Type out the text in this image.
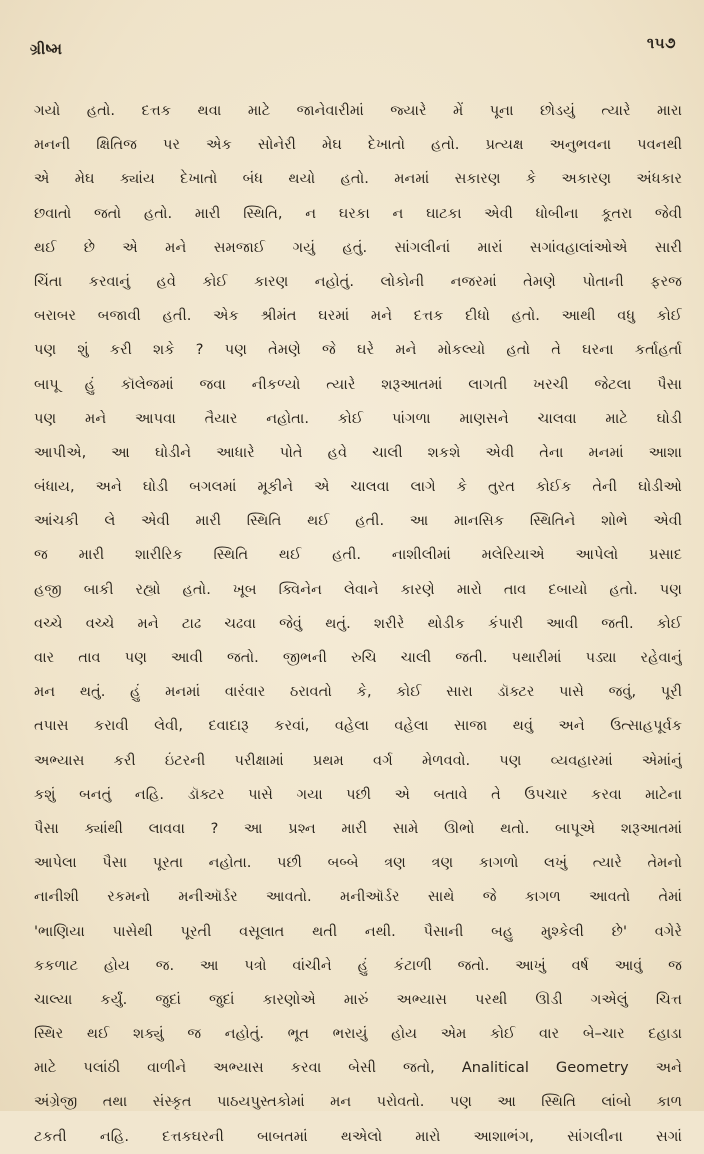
ગ્રીષ્મ	૧૫૭
ગયો હતો. દત્તક થવા માટે જાનેવારીમાં જ્યારે મેં પૂના છોડયું ત્યારે મારા
મનની ક્ષિતિજ પર એક સોનેરી મેઘ દેખાતો હતો. પ્રત્યક્ષ અનુભવના પવનથી
એ મેઘ ક્યાંય દેખાતો બંધ થયો હતો. મનમાં સકારણ કે અકારણ અંધકાર
છવાતો જતો હતો. મારી સ્થિતિ, ન ઘરકા ન ઘાટકા એવી ધોબીના કૂતરા જેવી
થઈ છે એ મને સમજાઈ ગયું હતું. સાંગલીનાં મારાં સગાંવહાલાંઓએ સારી
ચિંતા કરવાનું હવે કોઈ કારણ નહોતું. લોકોની નજરમાં તેમણે પોતાની ફરજ
બરાબર બજાવી હતી. એક શ્રીમંત ઘરમાં મને દત્તક દીધો હતો. આથી વધુ કોઈ
પણ શું કરી શકે ? પણ તેમણે જે ઘરે મને મોકલ્યો હતો તે ઘરના કર્તાહર્તા
બાપૂ હું કૉલેજમાં જવા નીકળ્યો ત્યારે શરૂઆતમાં લાગતી ખરચી જેટલા પૈસા
પણ મને આપવા તૈયાર નહોતા. કોઈ પાંગળા માણસને ચાલવા માટે ઘોડી
આપીએ, આ ઘોડીને આધારે પોતે હવે ચાલી શકશે એવી તેના મનમાં આશા
બંધાય, અને ઘોડી બગલમાં મૂકીને એ ચાલવા લાગે કે તુરત કોઈક તેની ઘોડીઓ
આંચકી લે એવી મારી સ્થિતિ થઈ હતી. આ માનસિક સ્થિતિને શોભે એવી
જ મારી શારીરિક સ્થિતિ થઈ હતી. નાશીલીમાં મલેરિયાએ આપેલો પ્રસાદ
હજી બાકી રહ્યો હતો. ખૂબ ક્વિનેન લેવાને કારણે મારો તાવ દબાયો હતો. પણ
વચ્ચે વચ્ચે મને ટાઢ ચઢવા જેવું થતું. શરીરે થોડીક કંપારી આવી જતી. કોઈ
વાર તાવ પણ આવી જતો. જીભની રુચિ ચાલી જતી. પથારીમાં પડ્યા રહેવાનું
મન થતું. હું મનમાં વારંવાર ઠરાવતો કે, કોઈ સારા ડૉક્ટર પાસે જવું, પૂરી
તપાસ કરાવી લેવી, દવાદારૂ કરવાં, વહેલા વહેલા સાજા થવું અને ઉત્સાહપૂર્વક
અભ્યાસ કરી ઇંટરની પરીક્ષામાં પ્રથમ વર્ગ મેળવવો. પણ વ્યવહારમાં એમાંનું
કશું બનતું નહિ. ડૉક્ટર પાસે ગયા પછી એ બતાવે તે ઉપચાર કરવા માટેના
પૈસા ક્યાંથી લાવવા ? આ પ્રશ્ન મારી સામે ઊભો થતો. બાપૂએ શરૂઆતમાં
આપેલા પૈસા પૂરતા નહોતા. પછી બબ્બે ત્રણ ત્રણ કાગળો લખું ત્યારે તેમનો
નાનીશી રકમનો મનીઑર્ડર આવતો. મનીઑર્ડર સાથે જે કાગળ આવતો તેમાં
'ભાણિયા પાસેથી પૂરતી વસૂલાત થતી નથી. પૈસાની બહુ મુશ્કેલી છે' વગેરે
કકળાટ હોય જ. આ પત્રો વાંચીને હું કંટાળી જતો. આખું વર્ષ આવું જ
ચાલ્યા કર્યું. જુદાં જુદાં કારણોએ મારું અભ્યાસ પરથી ઊડી ગએલું ચિત્ત
સ્થિર થઈ શક્યું જ નહોતું. ભૂત ભરાયું હોય એમ કોઈ વાર બે–ચાર દહાડા
માટે પલાંઠી વાળીને અભ્યાસ કરવા બેસી જતો, Analitical Geometry અને
અંગ્રેજી તથા સંસ્કૃત પાઠયપુસ્તકોમાં મન પરોવતો. પણ આ સ્થિતિ લાંબો કાળ
ટકતી નહિ. દત્તકઘરની બાબતમાં થએલો મારો આશાભંગ, સાંગલીના સગાં
